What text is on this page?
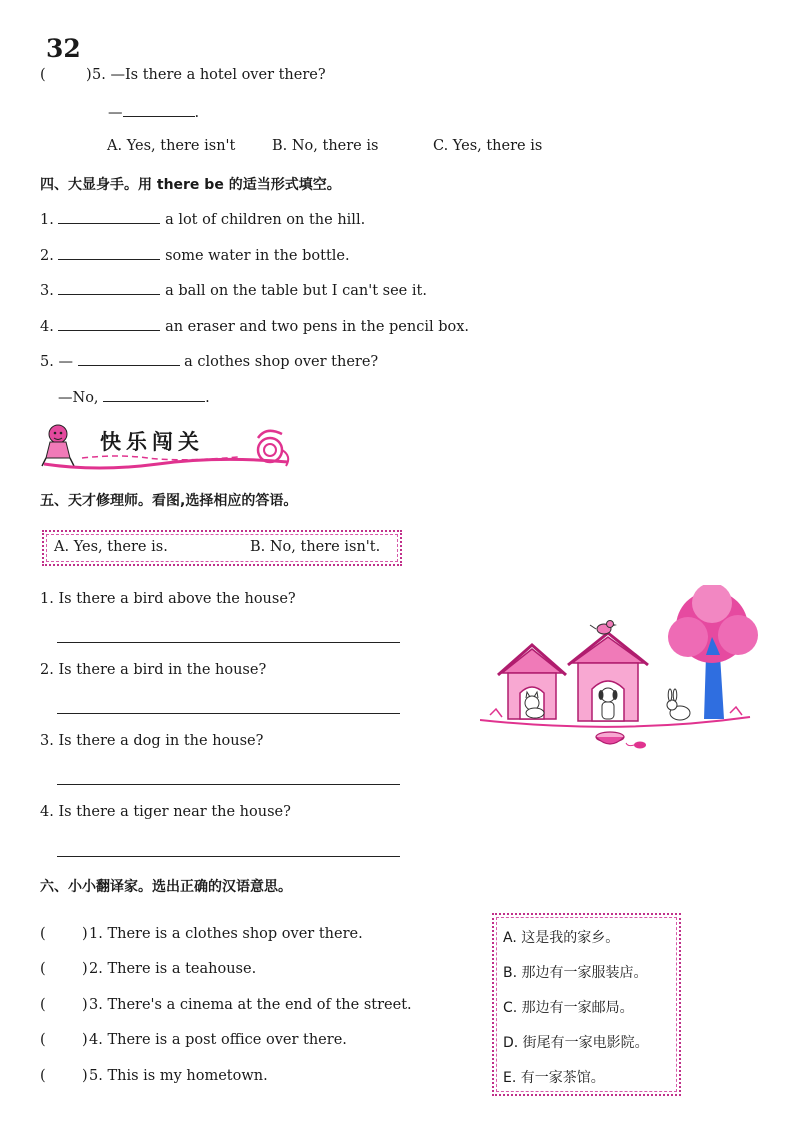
32
(	) 5. —Is there a hotel over there?
—	.
A. Yes, there isn't	B. No, there is	C. Yes, there is
四、大显身手。用 there be 的适当形式填空。
1.	a lot of children on the hill.
2.	some water in the bottle.
3.	a ball on the table but I can't see it.
4.	an eraser and two pens in the pencil box.
5. —	a clothes shop over there?
—No,	.
快乐闯关
五、天才修理师。看图,选择相应的答语。
A. Yes, there is.	B. No, there isn't.
1. Is there a bird above the house?
2. Is there a bird in the house?
3. Is there a dog in the house?
4. Is there a tiger near the house?
六、小小翻译家。选出正确的汉语意思。
(	) 1. There is a clothes shop over there.
(	) 2. There is a teahouse.
(	) 3. There's a cinema at the end of the street.
(	) 4. There is a post office over there.
(	) 5. This is my hometown.
A. 这是我的家乡。
B. 那边有一家服装店。
C. 那边有一家邮局。
D. 街尾有一家电影院。
E. 有一家茶馆。
